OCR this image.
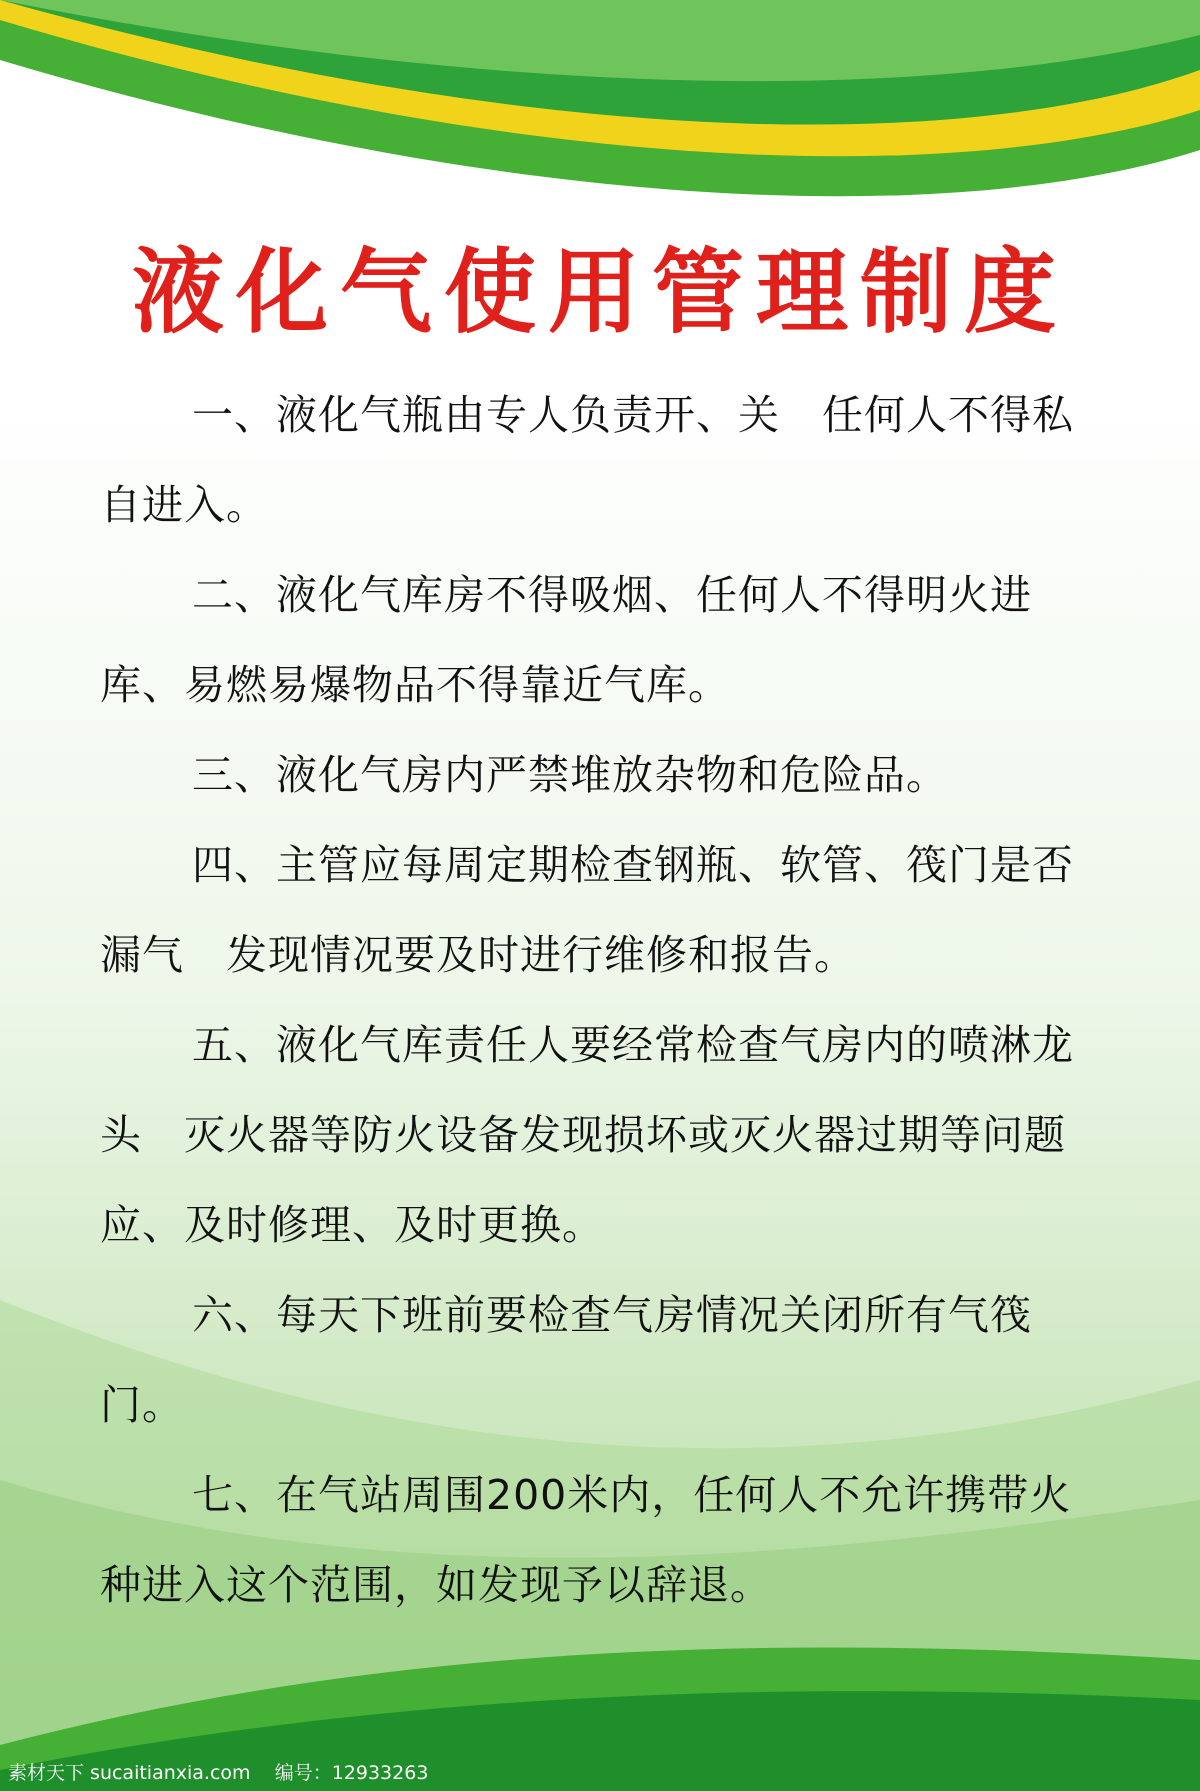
液化气使用管理制度
一、液化气瓶由专人负责开、关　任何人不得私自进入。
二、液化气库房不得吸烟、任何人不得明火进库、易燃易爆物品不得靠近气库。
三、液化气房内严禁堆放杂物和危险品。
四、主管应每周定期检查钢瓶、软管、筏门是否漏气　发现情况要及时进行维修和报告。
五、液化气库责任人要经常检查气房内的喷淋龙头　灭火器等防火设备发现损坏或灭火器过期等问题应、及时修理、及时更换。
六、每天下班前要检查气房情况关闭所有气筏门。
七、在气站周围200米内，任何人不允许携带火种进入这个范围，如发现予以辞退。
素材天下 sucaitianxia.com    编号：12933263
